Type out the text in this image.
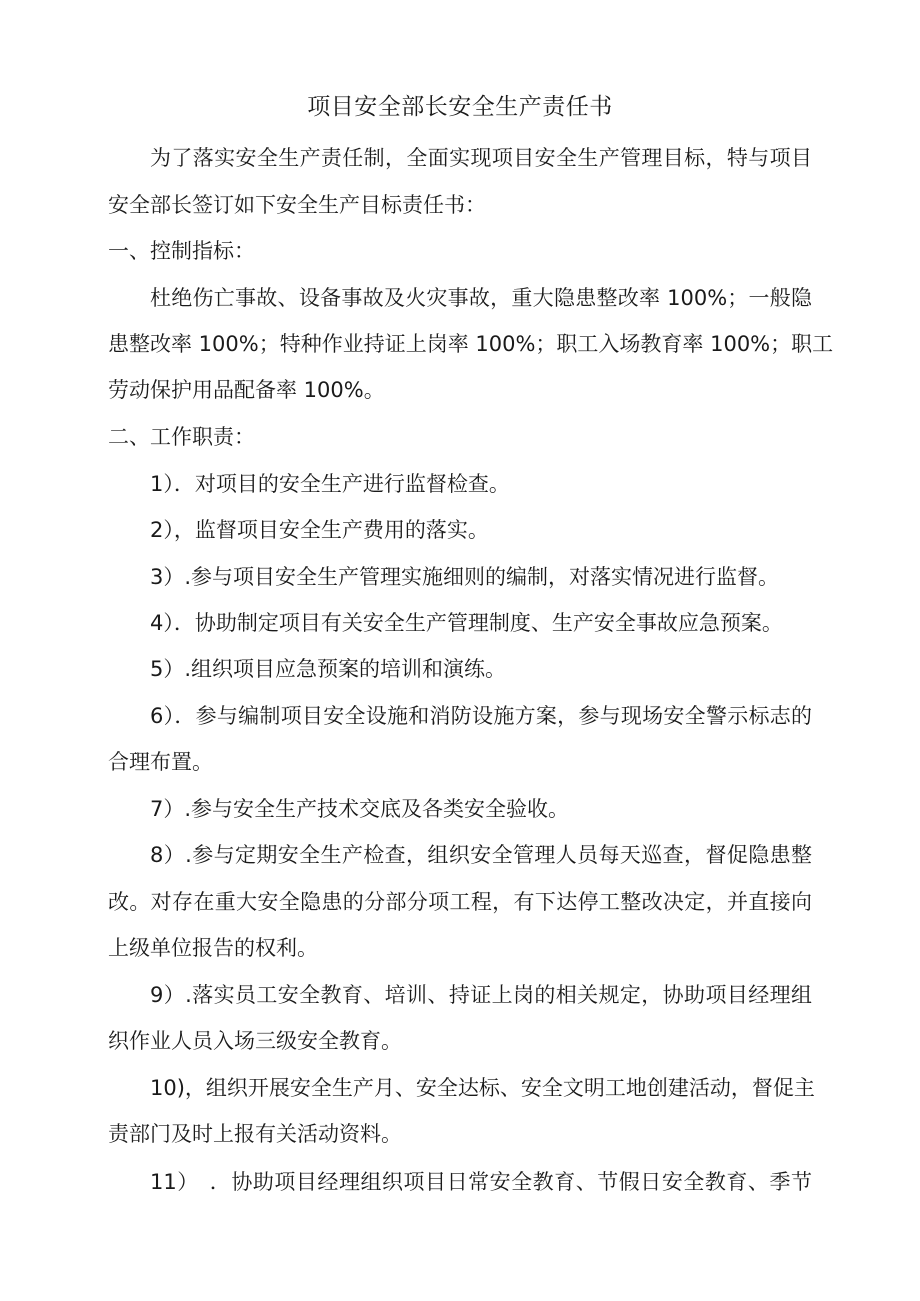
项目安全部长安全生产责任书
为了落实安全生产责任制，全面实现项目安全生产管理目标，特与项目
安全部长签订如下安全生产目标责任书：
一、控制指标：
杜绝伤亡事故、设备事故及火灾事故，重大隐患整改率 100%；一般隐
患整改率 100%；特种作业持证上岗率 100%；职工入场教育率 100%；职工
劳动保护用品配备率 100%。
二、工作职责：
1）．对项目的安全生产进行监督检查。
2），监督项目安全生产费用的落实。
3）.参与项目安全生产管理实施细则的编制，对落实情况进行监督。
4）．协助制定项目有关安全生产管理制度、生产安全事故应急预案。
5）.组织项目应急预案的培训和演练。
6）．参与编制项目安全设施和消防设施方案，参与现场安全警示标志的
合理布置。
7）.参与安全生产技术交底及各类安全验收。
8）.参与定期安全生产检查，组织安全管理人员每天巡查，督促隐患整
改。对存在重大安全隐患的分部分项工程，有下达停工整改决定，并直接向
上级单位报告的权利。
9）.落实员工安全教育、培训、持证上岗的相关规定，协助项目经理组
织作业人员入场三级安全教育。
10)，组织开展安全生产月、安全达标、安全文明工地创建活动，督促主
责部门及时上报有关活动资料。
11）　．协助项目经理组织项目日常安全教育、节假日安全教育、季节
